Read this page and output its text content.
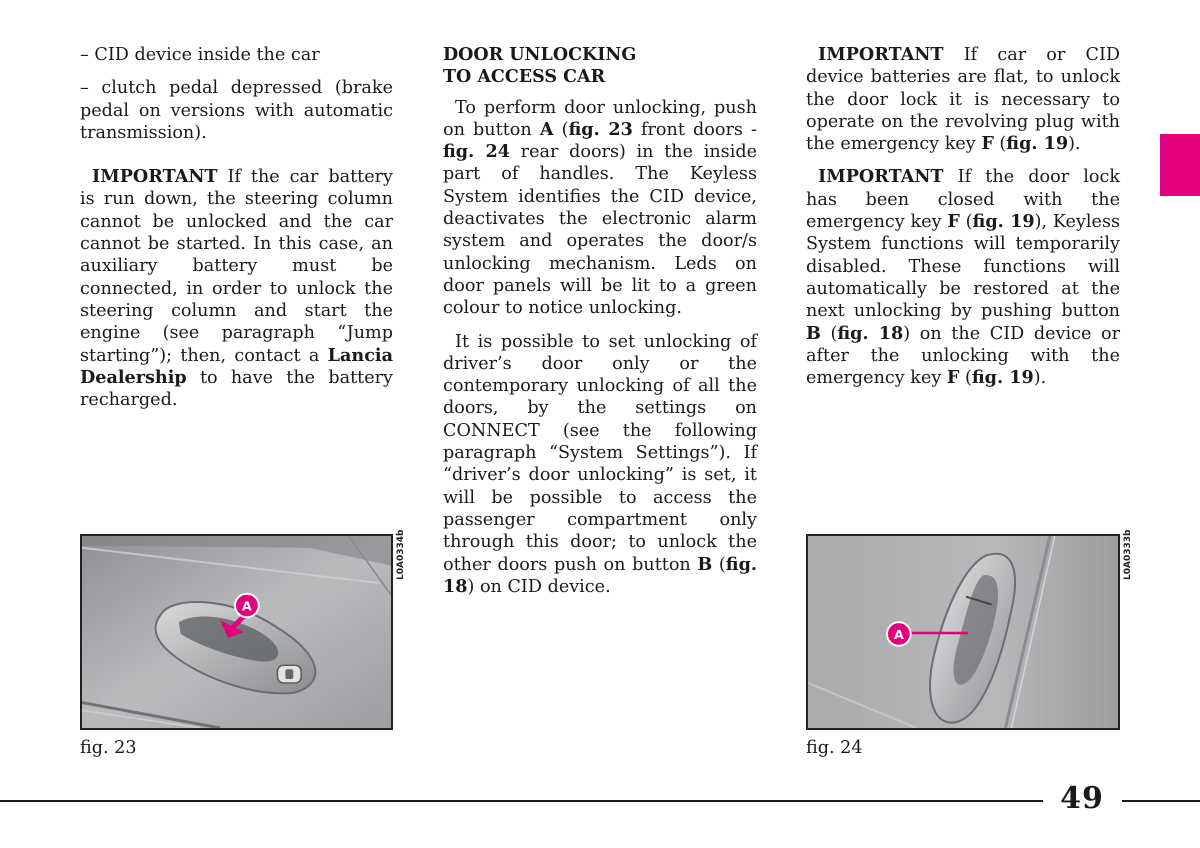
– CID device inside the car

– clutch pedal depressed (brake pedal on versions with automatic transmission).

IMPORTANT If the car battery is run down, the steering column cannot be unlocked and the car cannot be started. In this case, an auxiliary battery must be connected, in order to unlock the steering column and start the engine (see paragraph “Jump starting”); then, contact a Lancia Dealership to have the battery recharged.

DOOR UNLOCKING
TO ACCESS CAR

To perform door unlocking, push on button A (fig. 23 front doors - fig. 24 rear doors) in the inside part of handles. The Keyless System identifies the CID device, deactivates the electronic alarm system and operates the door/s unlocking mechanism. Leds on door panels will be lit to a green colour to notice unlocking.

It is possible to set unlocking of driver’s door only or the contemporary unlocking of all the doors, by the settings on CONNECT (see the following paragraph “System Settings”). If “driver’s door unlocking” is set, it will be possible to access the passenger compartment only through this door; to unlock the other doors push on button B (fig. 18) on CID device.

IMPORTANT If car or CID device batteries are flat, to unlock the door lock it is necessary to operate on the revolving plug with the emergency key F (fig. 19).

IMPORTANT If the door lock has been closed with the emergency key F (fig. 19), Keyless System functions will temporarily disabled. These functions will automatically be restored at the next unlocking by pushing button B (fig. 18) on the CID device or after the unlocking with the emergency key F (fig. 19).

A
L0A0334b
fig. 23
A
L0A0333b
fig. 24
49
